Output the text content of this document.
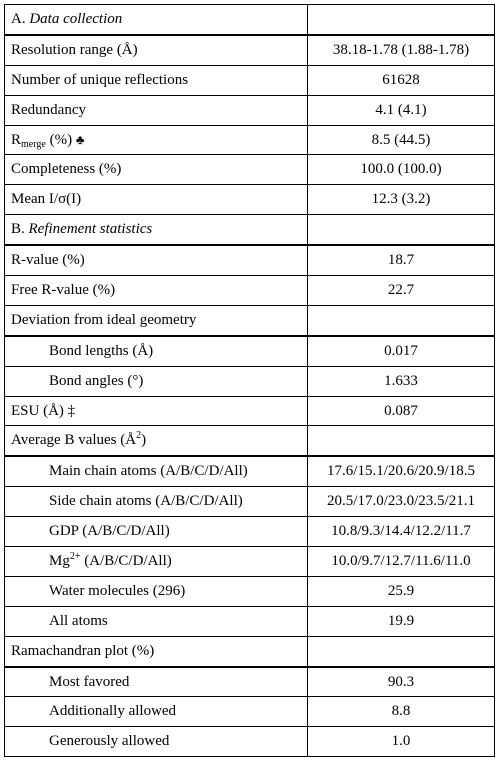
A. Data collection	
Resolution range (Å)	38.18-1.78 (1.88-1.78)
Number of unique reflections	61628
Redundancy	4.1 (4.1)
$R_{merge}$ (%) ♣	8.5 (44.5)
Completeness (%)	100.0 (100.0)
Mean I/σ(I)	12.3 (3.2)
B. Refinement statistics	
R-value (%)	18.7
Free R-value (%)	22.7
Deviation from ideal geometry	
Bond lengths (Å)	0.017
Bond angles (°)	1.633
ESU (Å) ‡	0.087
Average B values $(Å^2)$	
Main chain atoms (A/B/C/D/All)	17.6/15.1/20.6/20.9/18.5
Side chain atoms (A/B/C/D/All)	20.5/17.0/23.0/23.5/21.1
GDP (A/B/C/D/All)	10.8/9.3/14.4/12.2/11.7
$Mg^{2+}$ (A/B/C/D/All)	10.0/9.7/12.7/11.6/11.0
Water molecules (296)	25.9
All atoms	19.9
Ramachandran plot (%)	
Most favored	90.3
Additionally allowed	8.8
Generously allowed	1.0
